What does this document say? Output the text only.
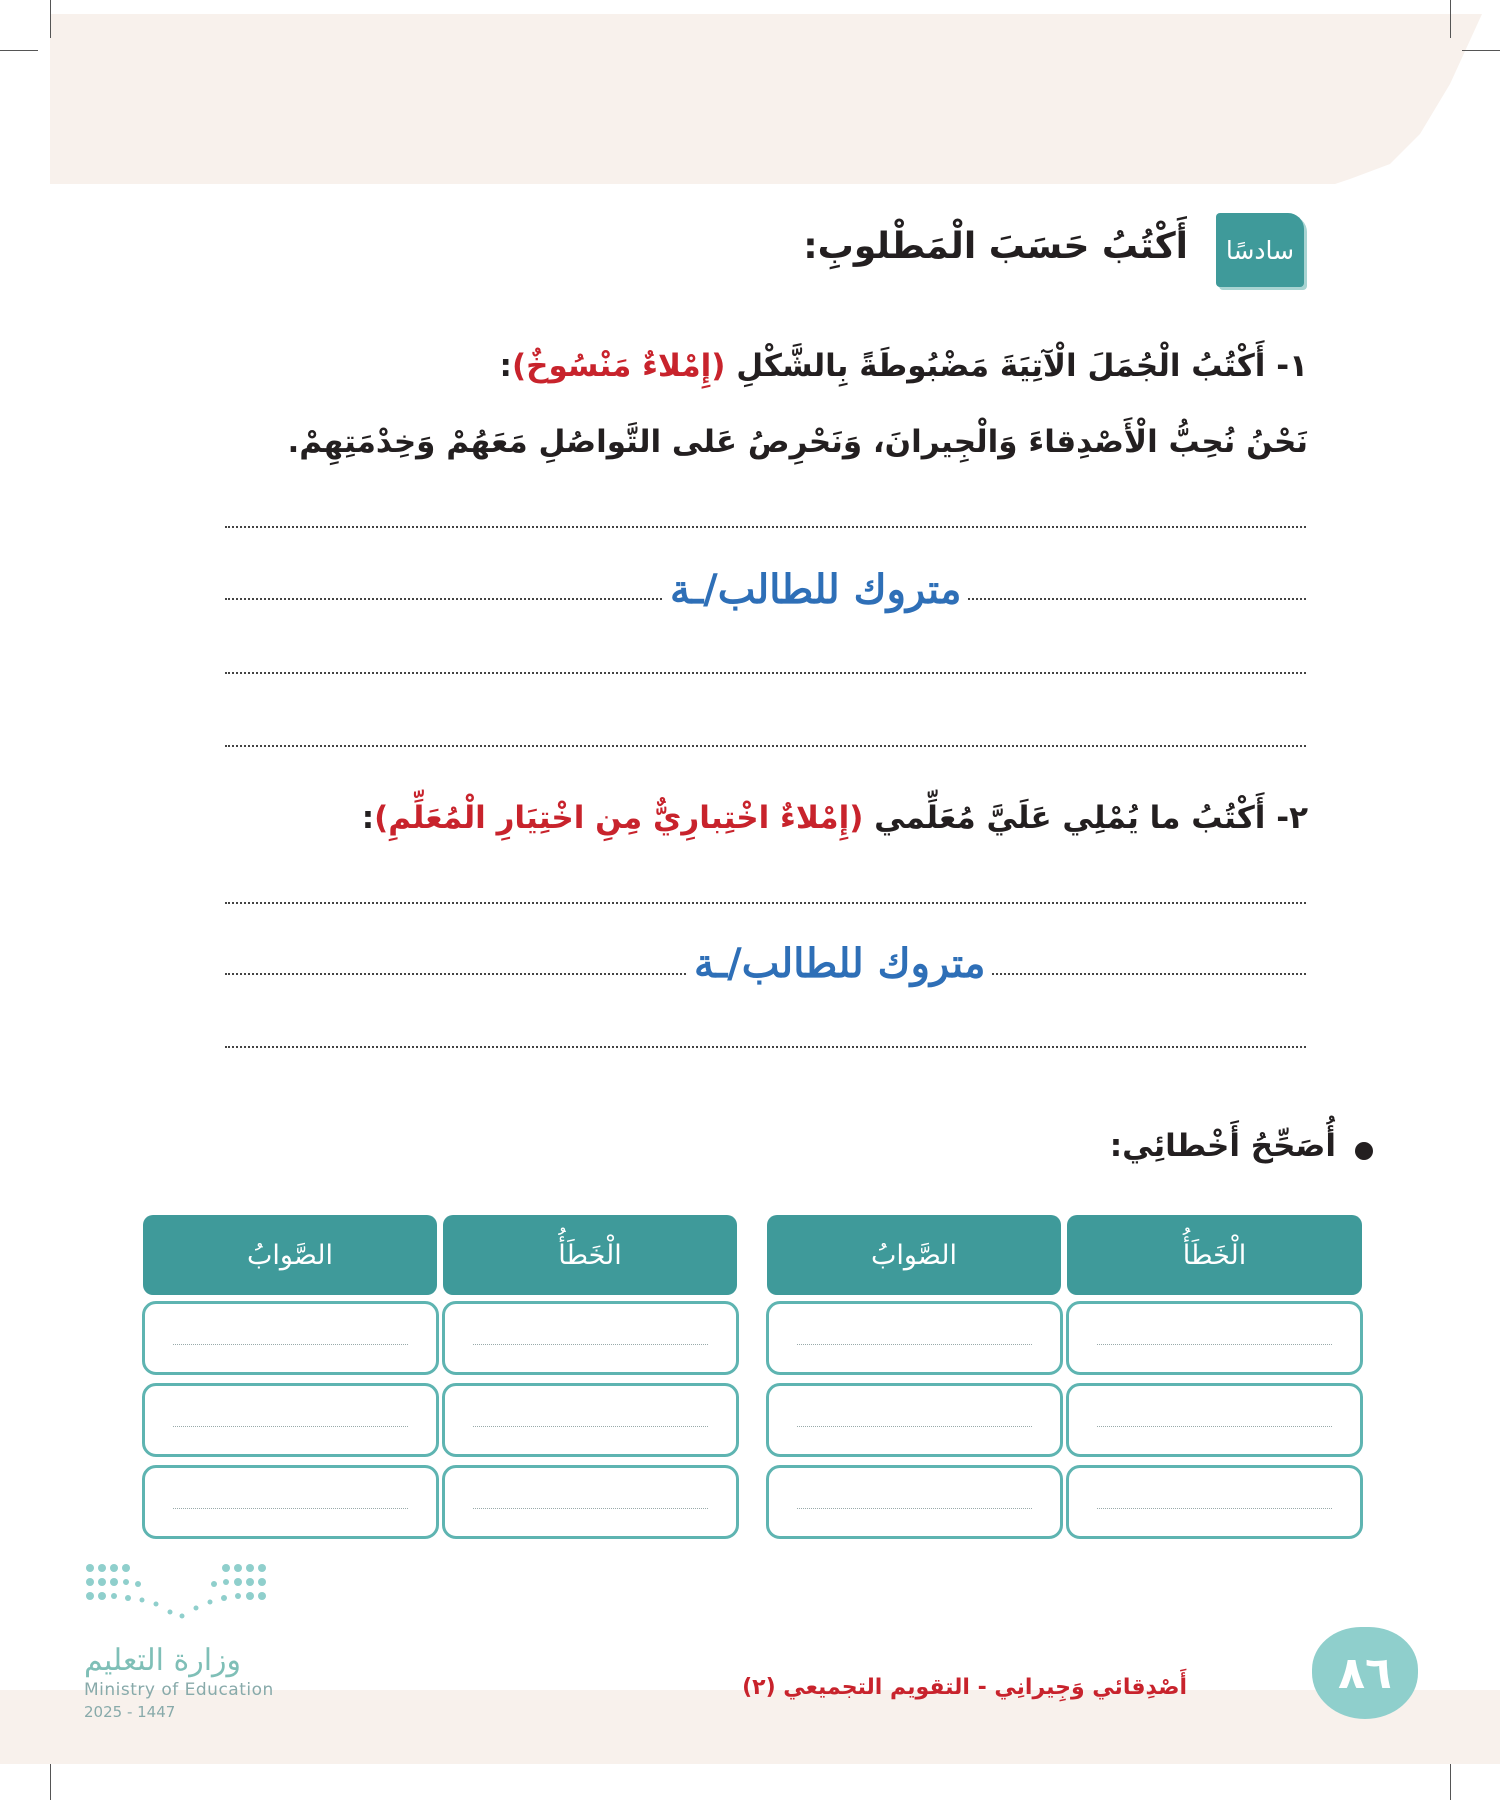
سادسًا
أَكْتُبُ حَسَبَ الْمَطْلوبِ:
١- أَكْتُبُ الْجُمَلَ الْآتِيَةَ مَضْبُوطَةً بِالشَّكْلِ (إِمْلاءٌ مَنْسُوخٌ):
نَحْنُ نُحِبُّ الْأَصْدِقاءَ وَالْجِيرانَ، وَنَحْرِصُ عَلى التَّواصُلِ مَعَهُمْ وَخِدْمَتِهِمْ.
متروك للطالب/ـة
٢- أَكْتُبُ ما يُمْلِي عَلَيَّ مُعَلِّمي (إِمْلاءٌ اخْتِبارِيٌّ مِنِ اخْتِيَارِ الْمُعَلِّمِ):
متروك للطالب/ـة
أُصَحِّحُ أَخْطائِي:
الْخَطَأُ
الصَّوابُ
الْخَطَأُ
الصَّوابُ
وزارة التعليم
Ministry of Education
2025 - 1447
أَصْدِقائي وَجِيرانِي - التقويم التجميعي (٢)	٨٦
